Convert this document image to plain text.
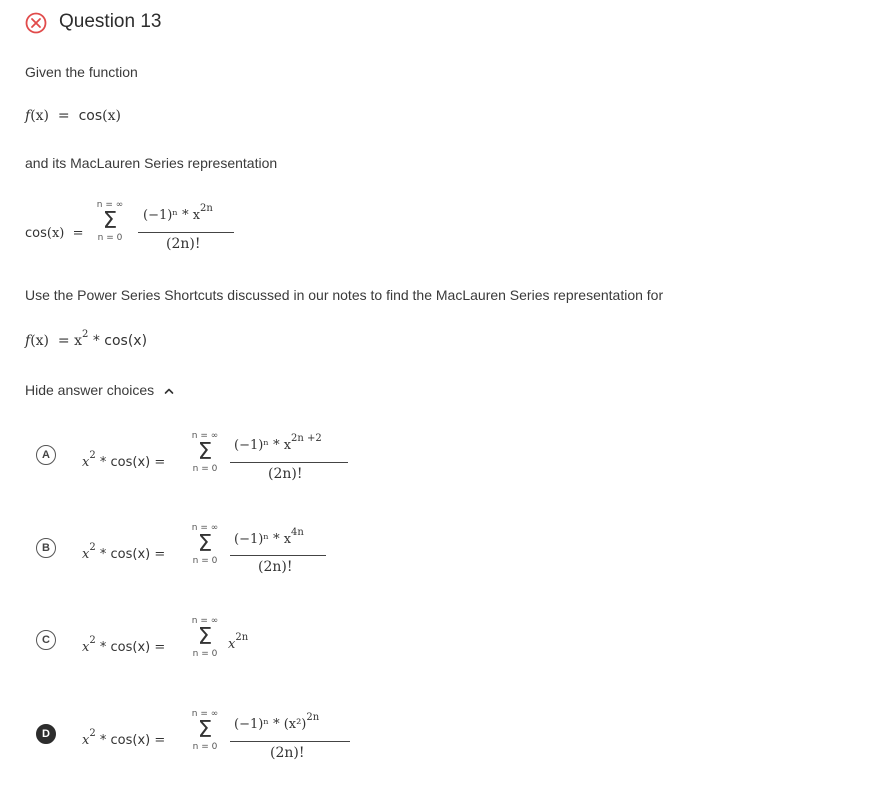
Question 13
Given the function
f(x) = cos(x)
and its MacLauren Series representation
cos(x) =
n = ∞
Σ
n = 0
$(-1)^n * x^{2n}$
(2n)!
Use the Power Series Shortcuts discussed in our notes to find the MacLauren Series representation for
$f(x) = x^2 * \cos(x)$
Hide answer choices
A	$x^2 * \cos(x)$ =
n = ∞
Σ
n = 0
$(-1)^n * x^{2n +2}$
(2n)!
B	$x^2 * \cos(x)$ =
n = ∞
Σ
n = 0
$(-1)^n * x^{4n}$
(2n)!
C	$x^2 * \cos(x)$ =
n = ∞
Σ
n = 0
$x^{2n}$
D	$x^2 * \cos(x)$ =
n = ∞
Σ
n = 0
$(-1)^n * (x^2)^{2n}$
(2n)!
